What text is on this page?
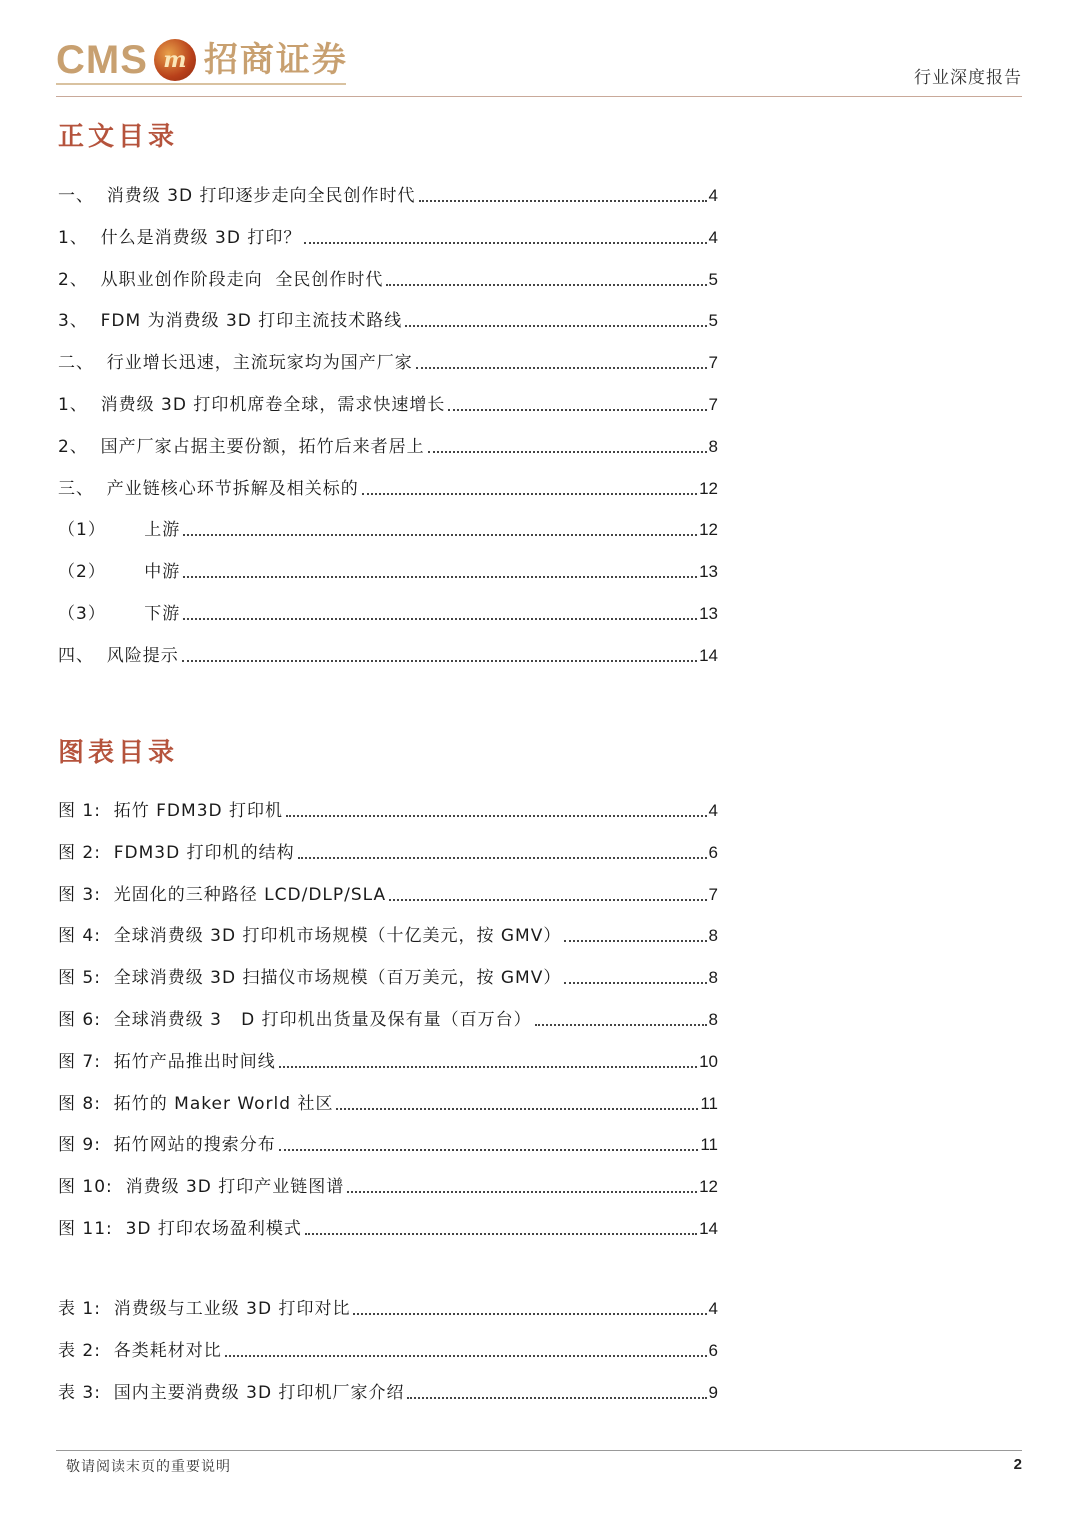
CMS m 招商证券	行业深度报告
正文目录
一、  消费级 3D 打印逐步走向全民创作时代	4
1、  什么是消费级 3D 打印？	4
2、  从职业创作阶段走向  全民创作时代	5
3、  FDM 为消费级 3D 打印主流技术路线	5
二、  行业增长迅速，主流玩家均为国产厂家	7
1、  消费级 3D 打印机席卷全球，需求快速增长	7
2、  国产厂家占据主要份额，拓竹后来者居上	8
三、  产业链核心环节拆解及相关标的	12
（1）      上游	12
（2）      中游	13
（3）      下游	13
四、  风险提示	14
图表目录
图 1:  拓竹 FDM3D 打印机	4
图 2:  FDM3D 打印机的结构	6
图 3:  光固化的三种路径 LCD/DLP/SLA	7
图 4:  全球消费级 3D 打印机市场规模（十亿美元，按 GMV）	8
图 5:  全球消费级 3D 扫描仪市场规模（百万美元，按 GMV）	8
图 6:  全球消费级 3   D 打印机出货量及保有量（百万台）	8
图 7:  拓竹产品推出时间线	10
图 8:  拓竹的 Maker World 社区	11
图 9:  拓竹网站的搜索分布	11
图 10:  消费级 3D 打印产业链图谱	12
图 11:  3D 打印农场盈利模式	14
表 1:  消费级与工业级 3D 打印对比	4
表 2:  各类耗材对比	6
表 3:  国内主要消费级 3D 打印机厂家介绍	9
敬请阅读末页的重要说明	2
